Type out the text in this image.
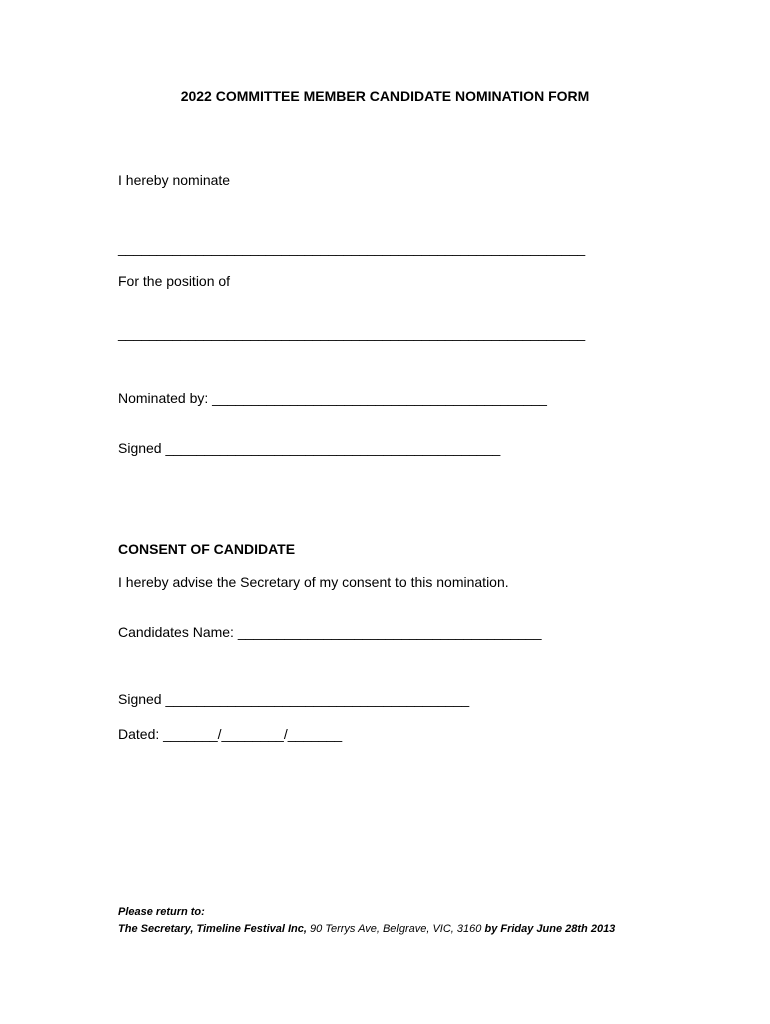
2022 COMMITTEE MEMBER CANDIDATE NOMINATION FORM
I hereby nominate
____________________________________________________________
For the position of
____________________________________________________________
Nominated by: ___________________________________________
Signed ___________________________________________
CONSENT OF CANDIDATE
I hereby advise the Secretary of my consent to this nomination.
Candidates Name: _______________________________________
Signed _______________________________________
Dated: _______/________/_______
Please return to:
The Secretary, Timeline Festival Inc, 90 Terrys Ave, Belgrave, VIC, 3160 by Friday June 28th 2013
